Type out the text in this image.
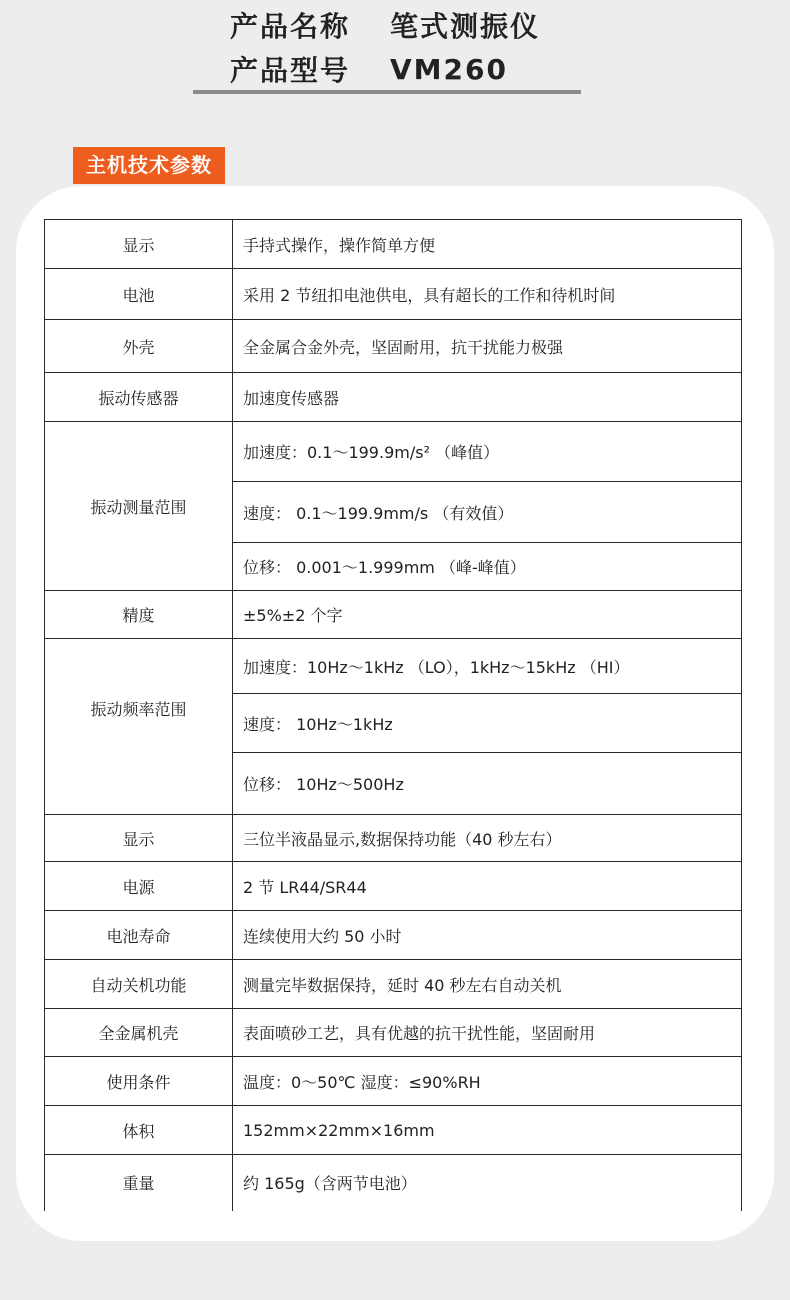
产品名称	笔式测振仪
产品型号	VM260
主机技术参数
显示	手持式操作，操作简单方便
电池	采用 2 节纽扣电池供电，具有超长的工作和待机时间
外壳	全金属合金外壳，坚固耐用，抗干扰能力极强
振动传感器	加速度传感器
振动测量范围	加速度：0.1～199.9m/s² （峰值）
	速度： 0.1～199.9mm/s （有效值）
	位移： 0.001～1.999mm （峰-峰值）
精度	±5%±2 个字
振动频率范围	加速度：10Hz～1kHz （LO），1kHz～15kHz （HI）
	速度： 10Hz～1kHz
	位移： 10Hz～500Hz
显示	三位半液晶显示,数据保持功能（40 秒左右）
电源	2 节 LR44/SR44
电池寿命	连续使用大约 50 小时
自动关机功能	测量完毕数据保持，延时 40 秒左右自动关机
全金属机壳	表面喷砂工艺，具有优越的抗干扰性能，坚固耐用
使用条件	温度：0～50℃ 湿度：≤90%RH
体积	152mm×22mm×16mm
重量	约 165g（含两节电池）
